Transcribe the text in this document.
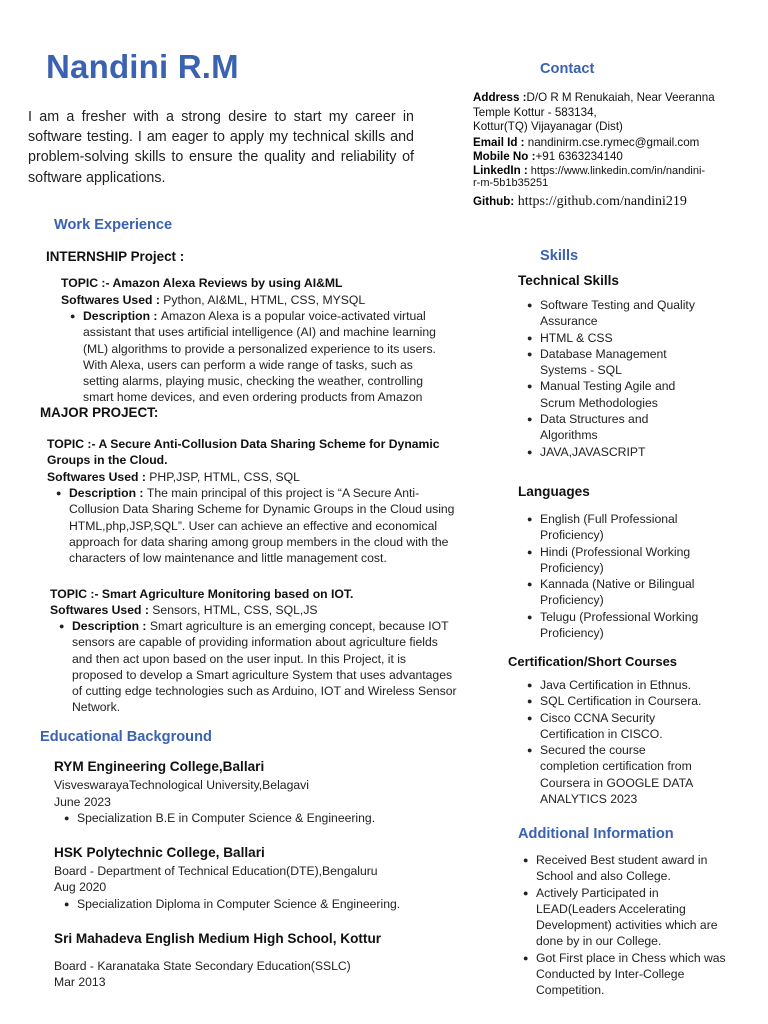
Nandini R.M
I am a fresher with a strong desire to start my career in software testing. I am eager to apply my technical skills and problem-solving skills to ensure the quality and reliability of software applications.
Work Experience
INTERNSHIP Project :
TOPIC :- Amazon Alexa Reviews by using AI&ML
Softwares Used : Python, AI&ML, HTML, CSS, MYSQL
● Description : Amazon Alexa is a popular voice-activated virtual
assistant that uses artificial intelligence (AI) and machine learning
(ML) algorithms to provide a personalized experience to its users.
With Alexa, users can perform a wide range of tasks, such as
setting alarms, playing music, checking the weather, controlling
smart home devices, and even ordering products from Amazon
MAJOR PROJECT:
TOPIC :- A Secure Anti-Collusion Data Sharing Scheme for Dynamic
Groups in the Cloud.
Softwares Used : PHP,JSP, HTML, CSS, SQL
● Description : The main principal of this project is “A Secure Anti-
Collusion Data Sharing Scheme for Dynamic Groups in the Cloud using
HTML,php,JSP,SQL”. User can achieve an effective and economical
approach for data sharing among group members in the cloud with the
characters of low maintenance and little management cost.
TOPIC :- Smart Agriculture Monitoring based on IOT.
Softwares Used : Sensors, HTML, CSS, SQL,JS
● Description : Smart agriculture is an emerging concept, because IOT
sensors are capable of providing information about agriculture fields
and then act upon based on the user input. In this Project, it is
proposed to develop a Smart agriculture System that uses advantages
of cutting edge technologies such as Arduino, IOT and Wireless Sensor
Network.
Educational Background
RYM Engineering College,Ballari
VisveswarayaTechnological University,Belagavi
June 2023
● Specialization B.E in Computer Science & Engineering.
HSK Polytechnic College, Ballari
Board - Department of Technical Education(DTE),Bengaluru
Aug 2020
● Specialization Diploma in Computer Science & Engineering.
Sri Mahadeva English Medium High School, Kottur
Board - Karanataka State Secondary Education(SSLC)
Mar 2013
Contact
Address :D/O R M Renukaiah, Near Veeranna
Temple Kottur - 583134,
Kottur(TQ) Vijayanagar (Dist)
Email Id : nandinirm.cse.rymec@gmail.com
Mobile No :+91 6363234140
LinkedIn : https://www.linkedin.com/in/nandini-
r-m-5b1b35251
Github: https://github.com/nandini219
Skills
Technical Skills
● Software Testing and Quality
Assurance
● HTML & CSS
● Database Management
Systems - SQL
● Manual Testing Agile and
Scrum Methodologies
● Data Structures and
Algorithms
● JAVA,JAVASCRIPT
Languages
● English (Full Professional
Proficiency)
● Hindi (Professional Working
Proficiency)
● Kannada (Native or Bilingual
Proficiency)
● Telugu (Professional Working
Proficiency)
Certification/Short Courses
● Java Certification in Ethnus.
● SQL Certification in Coursera.
● Cisco CCNA Security
Certification in CISCO.
● Secured the course
completion certification from
Coursera in GOOGLE DATA
ANALYTICS 2023
Additional Information
● Received Best student award in
School and also College.
● Actively Participated in
LEAD(Leaders Accelerating
Development) activities which are
done by in our College.
● Got First place in Chess which was
Conducted by Inter-College
Competition.
